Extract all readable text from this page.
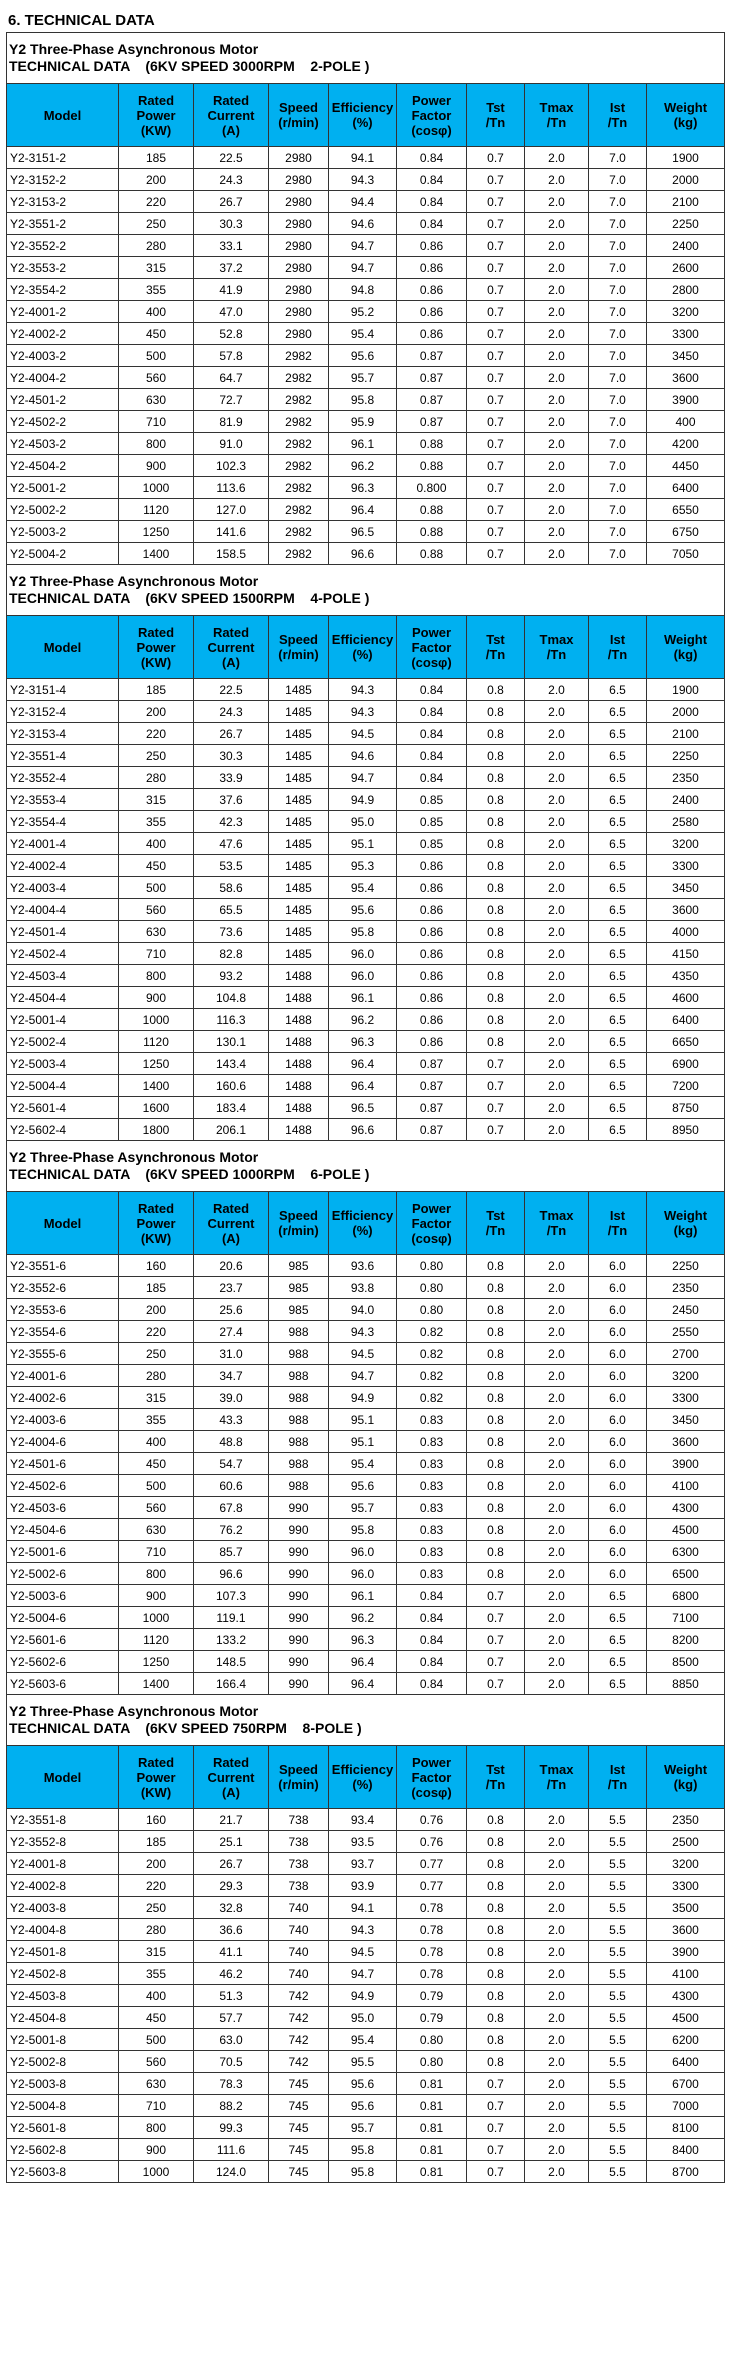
6. TECHNICAL DATA
Y2 Three-Phase Asynchronous Motor
TECHNICAL DATA    (6KV SPEED 3000RPM    2-POLE )									

Model	Rated
Power
(KW)	Rated
Current
(A)	Speed
(r/min)	Efficiency
(%)	Power
Factor
(cosφ)	Tst
/Tn	Tmax
/Tn	Ist
/Tn	Weight
(kg)

Y2-3151-2	185	22.5	2980	94.1	0.84	0.7	2.0	7.0	1900
Y2-3152-2	200	24.3	2980	94.3	0.84	0.7	2.0	7.0	2000
Y2-3153-2	220	26.7	2980	94.4	0.84	0.7	2.0	7.0	2100
Y2-3551-2	250	30.3	2980	94.6	0.84	0.7	2.0	7.0	2250
Y2-3552-2	280	33.1	2980	94.7	0.86	0.7	2.0	7.0	2400
Y2-3553-2	315	37.2	2980	94.7	0.86	0.7	2.0	7.0	2600
Y2-3554-2	355	41.9	2980	94.8	0.86	0.7	2.0	7.0	2800
Y2-4001-2	400	47.0	2980	95.2	0.86	0.7	2.0	7.0	3200
Y2-4002-2	450	52.8	2980	95.4	0.86	0.7	2.0	7.0	3300
Y2-4003-2	500	57.8	2982	95.6	0.87	0.7	2.0	7.0	3450
Y2-4004-2	560	64.7	2982	95.7	0.87	0.7	2.0	7.0	3600
Y2-4501-2	630	72.7	2982	95.8	0.87	0.7	2.0	7.0	3900
Y2-4502-2	710	81.9	2982	95.9	0.87	0.7	2.0	7.0	400
Y2-4503-2	800	91.0	2982	96.1	0.88	0.7	2.0	7.0	4200
Y2-4504-2	900	102.3	2982	96.2	0.88	0.7	2.0	7.0	4450
Y2-5001-2	1000	113.6	2982	96.3	0.800	0.7	2.0	7.0	6400
Y2-5002-2	1120	127.0	2982	96.4	0.88	0.7	2.0	7.0	6550
Y2-5003-2	1250	141.6	2982	96.5	0.88	0.7	2.0	7.0	6750
Y2-5004-2	1400	158.5	2982	96.6	0.88	0.7	2.0	7.0	7050

Y2 Three-Phase Asynchronous Motor
TECHNICAL DATA    (6KV SPEED 1500RPM    4-POLE )									

Model	Rated
Power
(KW)	Rated
Current
(A)	Speed
(r/min)	Efficiency
(%)	Power
Factor
(cosφ)	Tst
/Tn	Tmax
/Tn	Ist
/Tn	Weight
(kg)

Y2-3151-4	185	22.5	1485	94.3	0.84	0.8	2.0	6.5	1900
Y2-3152-4	200	24.3	1485	94.3	0.84	0.8	2.0	6.5	2000
Y2-3153-4	220	26.7	1485	94.5	0.84	0.8	2.0	6.5	2100
Y2-3551-4	250	30.3	1485	94.6	0.84	0.8	2.0	6.5	2250
Y2-3552-4	280	33.9	1485	94.7	0.84	0.8	2.0	6.5	2350
Y2-3553-4	315	37.6	1485	94.9	0.85	0.8	2.0	6.5	2400
Y2-3554-4	355	42.3	1485	95.0	0.85	0.8	2.0	6.5	2580
Y2-4001-4	400	47.6	1485	95.1	0.85	0.8	2.0	6.5	3200
Y2-4002-4	450	53.5	1485	95.3	0.86	0.8	2.0	6.5	3300
Y2-4003-4	500	58.6	1485	95.4	0.86	0.8	2.0	6.5	3450
Y2-4004-4	560	65.5	1485	95.6	0.86	0.8	2.0	6.5	3600
Y2-4501-4	630	73.6	1485	95.8	0.86	0.8	2.0	6.5	4000
Y2-4502-4	710	82.8	1485	96.0	0.86	0.8	2.0	6.5	4150
Y2-4503-4	800	93.2	1488	96.0	0.86	0.8	2.0	6.5	4350
Y2-4504-4	900	104.8	1488	96.1	0.86	0.8	2.0	6.5	4600
Y2-5001-4	1000	116.3	1488	96.2	0.86	0.8	2.0	6.5	6400
Y2-5002-4	1120	130.1	1488	96.3	0.86	0.8	2.0	6.5	6650
Y2-5003-4	1250	143.4	1488	96.4	0.87	0.7	2.0	6.5	6900
Y2-5004-4	1400	160.6	1488	96.4	0.87	0.7	2.0	6.5	7200
Y2-5601-4	1600	183.4	1488	96.5	0.87	0.7	2.0	6.5	8750
Y2-5602-4	1800	206.1	1488	96.6	0.87	0.7	2.0	6.5	8950

Y2 Three-Phase Asynchronous Motor
TECHNICAL DATA    (6KV SPEED 1000RPM    6-POLE )									

Model	Rated
Power
(KW)	Rated
Current
(A)	Speed
(r/min)	Efficiency
(%)	Power
Factor
(cosφ)	Tst
/Tn	Tmax
/Tn	Ist
/Tn	Weight
(kg)

Y2-3551-6	160	20.6	985	93.6	0.80	0.8	2.0	6.0	2250
Y2-3552-6	185	23.7	985	93.8	0.80	0.8	2.0	6.0	2350
Y2-3553-6	200	25.6	985	94.0	0.80	0.8	2.0	6.0	2450
Y2-3554-6	220	27.4	988	94.3	0.82	0.8	2.0	6.0	2550
Y2-3555-6	250	31.0	988	94.5	0.82	0.8	2.0	6.0	2700
Y2-4001-6	280	34.7	988	94.7	0.82	0.8	2.0	6.0	3200
Y2-4002-6	315	39.0	988	94.9	0.82	0.8	2.0	6.0	3300
Y2-4003-6	355	43.3	988	95.1	0.83	0.8	2.0	6.0	3450
Y2-4004-6	400	48.8	988	95.1	0.83	0.8	2.0	6.0	3600
Y2-4501-6	450	54.7	988	95.4	0.83	0.8	2.0	6.0	3900
Y2-4502-6	500	60.6	988	95.6	0.83	0.8	2.0	6.0	4100
Y2-4503-6	560	67.8	990	95.7	0.83	0.8	2.0	6.0	4300
Y2-4504-6	630	76.2	990	95.8	0.83	0.8	2.0	6.0	4500
Y2-5001-6	710	85.7	990	96.0	0.83	0.8	2.0	6.0	6300
Y2-5002-6	800	96.6	990	96.0	0.83	0.8	2.0	6.0	6500
Y2-5003-6	900	107.3	990	96.1	0.84	0.7	2.0	6.5	6800
Y2-5004-6	1000	119.1	990	96.2	0.84	0.7	2.0	6.5	7100
Y2-5601-6	1120	133.2	990	96.3	0.84	0.7	2.0	6.5	8200
Y2-5602-6	1250	148.5	990	96.4	0.84	0.7	2.0	6.5	8500
Y2-5603-6	1400	166.4	990	96.4	0.84	0.7	2.0	6.5	8850

Y2 Three-Phase Asynchronous Motor
TECHNICAL DATA    (6KV SPEED 750RPM    8-POLE )									

Model	Rated
Power
(KW)	Rated
Current
(A)	Speed
(r/min)	Efficiency
(%)	Power
Factor
(cosφ)	Tst
/Tn	Tmax
/Tn	Ist
/Tn	Weight
(kg)

Y2-3551-8	160	21.7	738	93.4	0.76	0.8	2.0	5.5	2350
Y2-3552-8	185	25.1	738	93.5	0.76	0.8	2.0	5.5	2500
Y2-4001-8	200	26.7	738	93.7	0.77	0.8	2.0	5.5	3200
Y2-4002-8	220	29.3	738	93.9	0.77	0.8	2.0	5.5	3300
Y2-4003-8	250	32.8	740	94.1	0.78	0.8	2.0	5.5	3500
Y2-4004-8	280	36.6	740	94.3	0.78	0.8	2.0	5.5	3600
Y2-4501-8	315	41.1	740	94.5	0.78	0.8	2.0	5.5	3900
Y2-4502-8	355	46.2	740	94.7	0.78	0.8	2.0	5.5	4100
Y2-4503-8	400	51.3	742	94.9	0.79	0.8	2.0	5.5	4300
Y2-4504-8	450	57.7	742	95.0	0.79	0.8	2.0	5.5	4500
Y2-5001-8	500	63.0	742	95.4	0.80	0.8	2.0	5.5	6200
Y2-5002-8	560	70.5	742	95.5	0.80	0.8	2.0	5.5	6400
Y2-5003-8	630	78.3	745	95.6	0.81	0.7	2.0	5.5	6700
Y2-5004-8	710	88.2	745	95.6	0.81	0.7	2.0	5.5	7000
Y2-5601-8	800	99.3	745	95.7	0.81	0.7	2.0	5.5	8100
Y2-5602-8	900	111.6	745	95.8	0.81	0.7	2.0	5.5	8400
Y2-5603-8	1000	124.0	745	95.8	0.81	0.7	2.0	5.5	8700
